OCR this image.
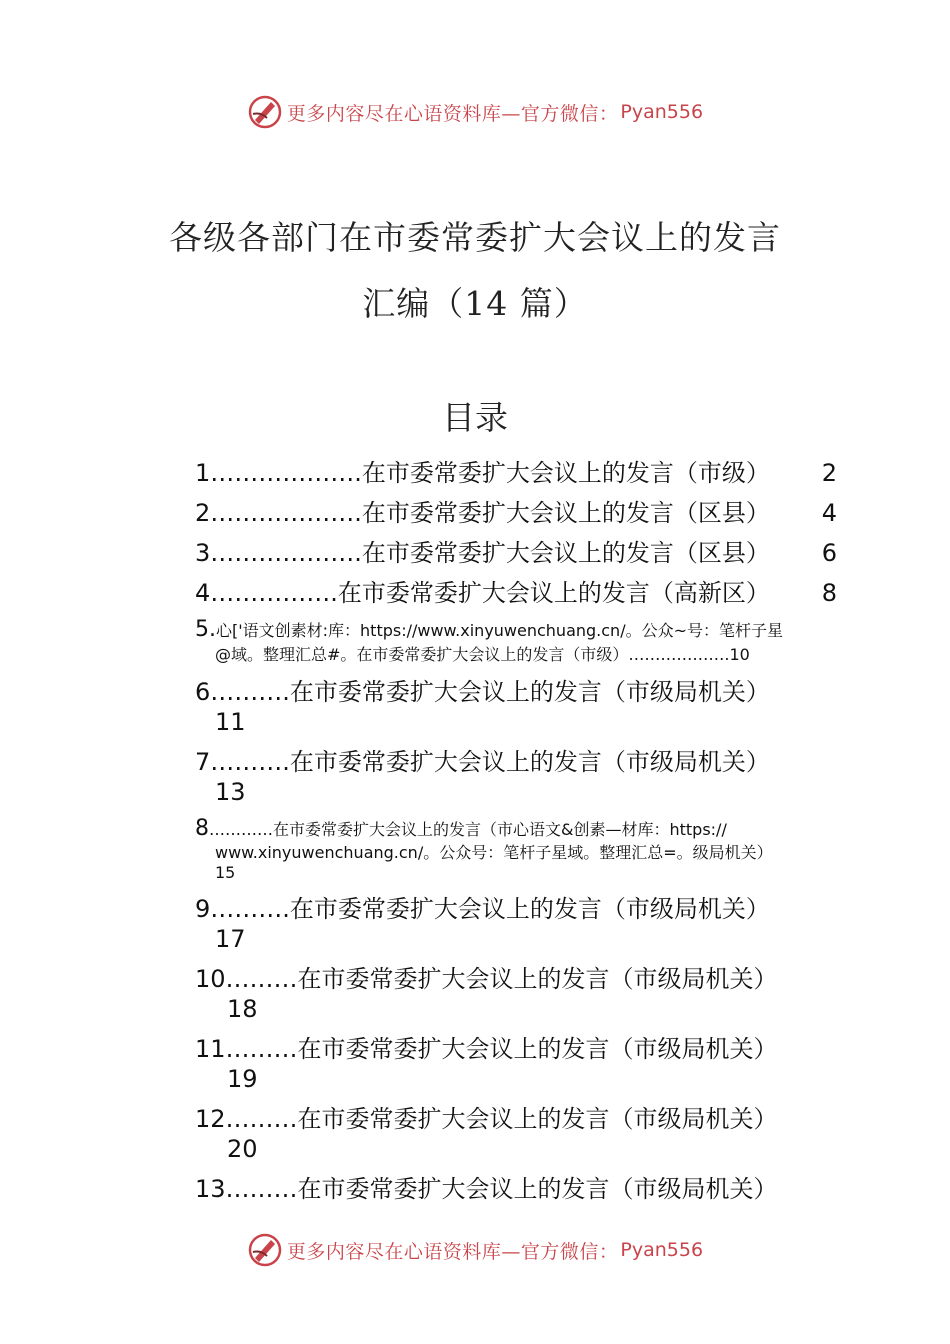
更多内容尽在心语资料库—官方微信： Pyan556
各级各部门在市委常委扩大会议上的发言
汇编（14 篇）
目录
1……………….在市委常委扩大会议上的发言（市级） 2
2……………….在市委常委扩大会议上的发言（区县） 4
3……………….在市委常委扩大会议上的发言（区县） 6
4…………….在市委常委扩大会议上的发言（高新区） 8
5.心['语文创素材:库：https://www.xinyuwenchuang.cn/。公众~号：笔杆子星
@域。整理汇总#。在市委常委扩大会议上的发言（市级）……………….10
6……….在市委常委扩大会议上的发言（市级局机关）
11
7……….在市委常委扩大会议上的发言（市级局机关）
13
8…………在市委常委扩大会议上的发言（市心语文&创素—材库：https://
www.xinyuwenchuang.cn/。公众号：笔杆子星域。整理汇总=。级局机关）
15
9……….在市委常委扩大会议上的发言（市级局机关）
17
10………在市委常委扩大会议上的发言（市级局机关）
18
11………在市委常委扩大会议上的发言（市级局机关）
19
12………在市委常委扩大会议上的发言（市级局机关）
20
13………在市委常委扩大会议上的发言（市级局机关）
更多内容尽在心语资料库—官方微信： Pyan556
